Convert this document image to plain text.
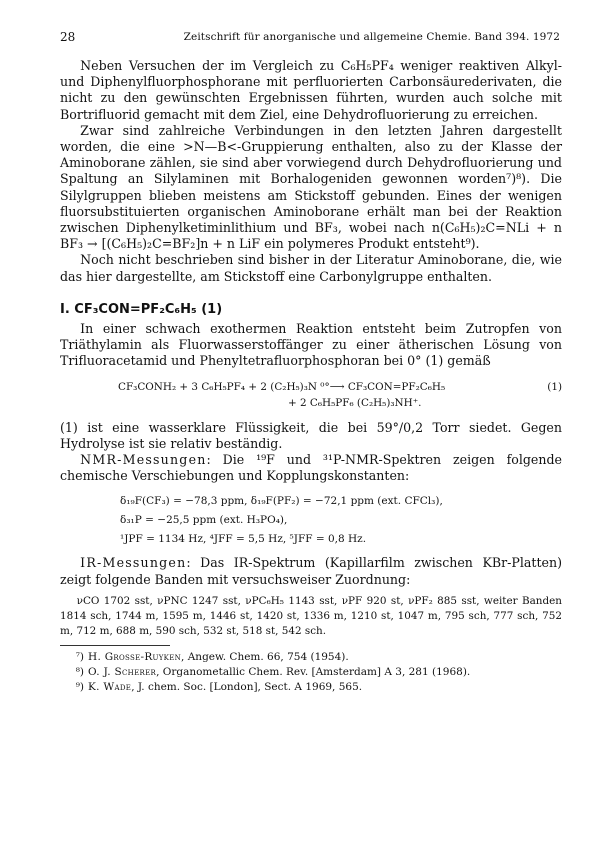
28	Zeitschrift für anorganische und allgemeine Chemie. Band 394. 1972

Neben Versuchen der im Vergleich zu C₆H₅PF₄ weniger reaktiven Alkyl- und Diphenylfluorphosphorane mit perfluorierten Carbonsäurederivaten, die nicht zu den gewünschten Ergebnissen führten, wurden auch solche mit Bortrifluorid gemacht mit dem Ziel, eine Dehydrofluorierung zu erreichen.

Zwar sind zahlreiche Verbindungen in den letzten Jahren dargestellt worden, die eine >N—B<-Gruppierung enthalten, also zu der Klasse der Aminoborane zählen, sie sind aber vorwiegend durch Dehydrofluorierung und Spaltung an Silylaminen mit Borhalogeniden gewonnen worden⁷)⁸). Die Silylgruppen blieben meistens am Stickstoff gebunden. Eines der wenigen fluorsubstituierten organischen Aminoborane erhält man bei der Reaktion zwischen Diphenylketiminlithium und BF₃, wobei nach n(C₆H₅)₂C=NLi + n BF₃ → [(C₆H₅)₂C=BF₂]n + n LiF ein polymeres Produkt entsteht⁹).

Noch nicht beschrieben sind bisher in der Literatur Aminoborane, die, wie das hier dargestellte, am Stickstoff eine Carbonylgruppe enthalten.

I. CF₃CON=PF₂C₆H₅ (1)

In einer schwach exothermen Reaktion entsteht beim Zutropfen von Triäthylamin als Fluorwasserstoffänger zu einer ätherischen Lösung von Trifluoracetamid und Phenyltetrafluorphosphoran bei 0° (1) gemäß

CF₃CONH₂ + 3 C₆H₅PF₄ + 2 (C₂H₅)₃N ⁰°⟶ CF₃CON=PF₂C₆H₅	(1)
+ 2 C₆H₅PF₆ (C₂H₅)₃NH⁺.

(1) ist eine wasserklare Flüssigkeit, die bei 59°/0,2 Torr siedet. Gegen Hydrolyse ist sie relativ beständig.

NMR-Messungen: Die ¹⁹F und ³¹P-NMR-Spektren zeigen folgende chemische Verschiebungen und Kopplungskonstanten:

δ₁₉F(CF₃) = −78,3 ppm, δ₁₉F(PF₂) = −72,1 ppm (ext. CFCl₃),
δ₃₁P = −25,5 ppm (ext. H₃PO₄),
¹JPF = 1134 Hz, ⁴JFF = 5,5 Hz, ⁵JFF = 0,8 Hz.

IR-Messungen: Das IR-Spektrum (Kapillarfilm zwischen KBr-Platten) zeigt folgende Banden mit versuchsweiser Zuordnung:

νCO 1702 sst, νPNC 1247 sst, νPC₆H₅ 1143 sst, νPF 920 st, νPF₂ 885 sst, weiter Banden 1814 sch, 1744 m, 1595 m, 1446 st, 1420 st, 1336 m, 1210 st, 1047 m, 795 sch, 777 sch, 752 m, 712 m, 688 m, 590 sch, 532 st, 518 st, 542 sch.
⁷) H. Grosse-Ruyken, Angew. Chem. 66, 754 (1954).
⁸) O. J. Scherer, Organometallic Chem. Rev. [Amsterdam] A 3, 281 (1968).
⁹) K. Wade, J. chem. Soc. [London], Sect. A 1969, 565.
